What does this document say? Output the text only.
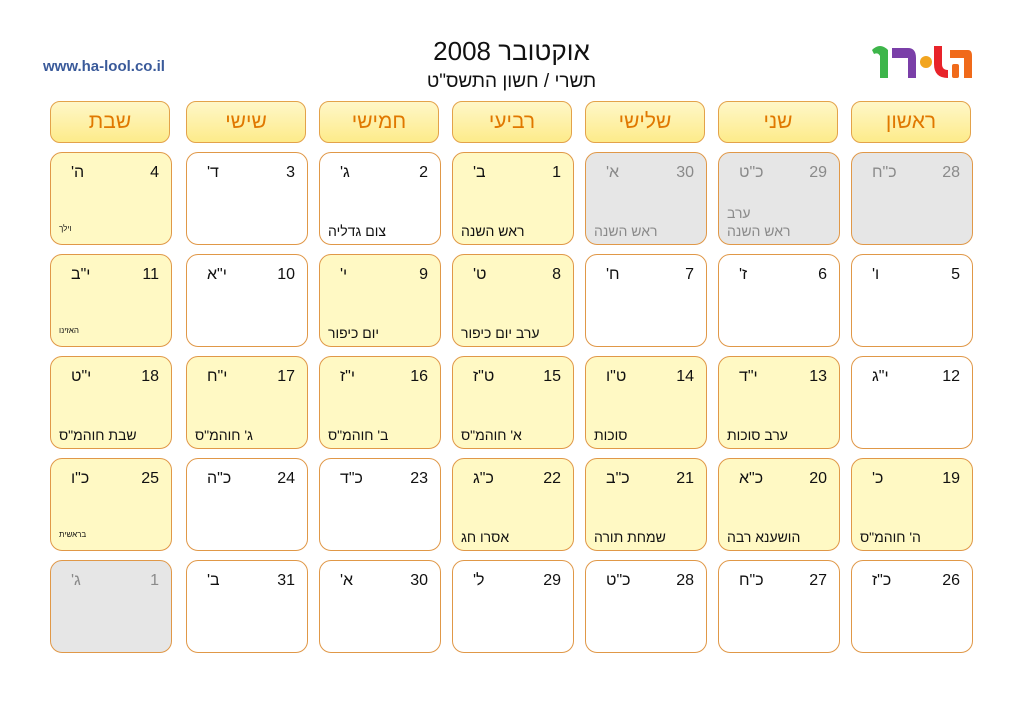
www.ha-lool.co.il
אוקטובר 2008
תשרי / חשון התשס"ט
ראשון
שני
שלישי
רביעי
חמישי
שישי
שבת
28
כ"ח
29
כ"ט
ערב
ראש השנה
30
א'
ראש השנה
1
ב'
ראש השנה
2
ג'
צום גדליה
3
ד'
4
ה'
וילך
5
ו'
6
ז'
7
ח'
8
ט'
ערב יום כיפור
9
י'
יום כיפור
10
י"א
11
י"ב
האזינו
12
י"ג
13
י"ד
ערב סוכות
14
ט"ו
סוכות
15
ט"ז
א' חוהמ"ס
16
י"ז
ב' חוהמ"ס
17
י"ח
ג' חוהמ"ס
18
י"ט
שבת חוהמ"ס
19
כ'
ה' חוהמ"ס
20
כ"א
הושענא רבה
21
כ"ב
שמחת תורה
22
כ"ג
אסרו חג
23
כ"ד
24
כ"ה
25
כ"ו
בראשית
26
כ"ז
27
כ"ח
28
כ"ט
29
ל'
30
א'
31
ב'
1
ג'
